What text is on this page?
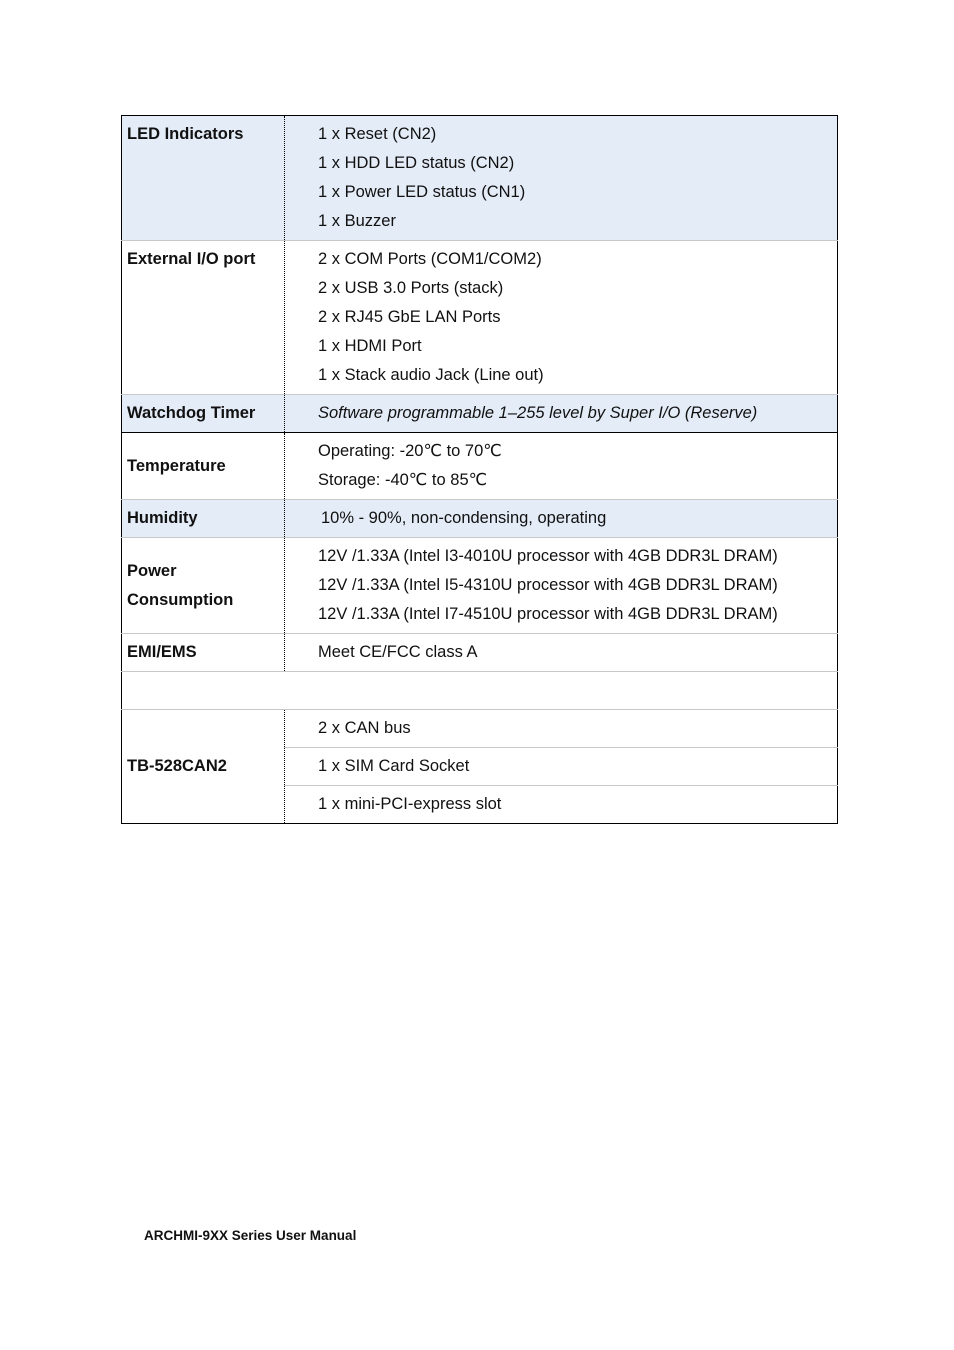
LED Indicators	1 x Reset (CN2)
1 x HDD LED status (CN2)
1 x Power LED status (CN1)
1 x Buzzer

External I/O port	2 x COM Ports (COM1/COM2)
2 x USB 3.0 Ports (stack)
2 x RJ45 GbE LAN Ports
1 x HDMI Port
1 x Stack audio Jack (Line out)

Watchdog Timer	Software programmable 1–255 level by Super I/O (Reserve)

Temperature	Operating: -20℃ to 70℃
Storage: -40℃ to 85℃

Humidity	10% - 90%, non-condensing, operating

Power
Consumption	12V /1.33A (Intel I3-4010U processor with 4GB DDR3L DRAM)
12V /1.33A (Intel I5-4310U processor with 4GB DDR3L DRAM)
12V /1.33A (Intel I7-4510U processor with 4GB DDR3L DRAM)

EMI/EMS	Meet CE/FCC class A

TB-528CAN2	2 x CAN bus
	1 x SIM Card Socket
	1 x mini-PCI-express slot
ARCHMI-9XX Series User Manual
